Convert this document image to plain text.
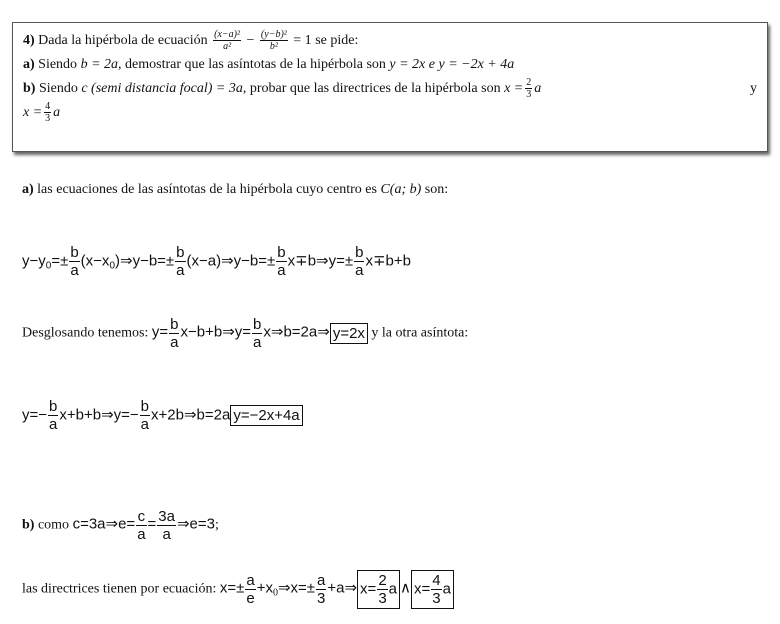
4) Dada la hipérbola de ecuación $\frac{\text{(x−a)²}}{\text{a²}} - \frac{\text{(y−b)²}}{\text{b²}} = 1$ se pide:
a) Siendo b = 2a, demostrar que las asíntotas de la hipérbola son y = 2x e y = −2x + 4a
b) Siendo c (semi distancia focal) = 3a, probar que las directrices de la hipérbola son $x = \frac{2}{3}$ a	y
$x = \frac{4}{3}$ a
a) las ecuaciones de las asíntotas de la hipérbola cuyo centro es C(a; b) son:
$y-y_0=\pm \frac{b}{a}$ $(x-x_0)\Rightarrow y-b=\pm \frac{b}{a}$ (x−a)⇒y−b=± $\frac{b}{a}$ x∓b⇒y=± $\frac{b}{a} x\mp b+b$
Desglosando tenemos: $y= \frac{b}{a}$ x−b+b⇒y= $\frac{b}{a}$ x⇒b=2a⇒ y=2x y la otra asíntota:
$y=- \frac{b}{a}$ x+b+b⇒y=− $\frac{b}{a}$ x+2b⇒b=2a y=−2x+4a
b) como c=3a⇒e= $\frac{c}{a} = \frac{3a}{a}$ ⇒e=3;
las directrices tienen por ecuación: $x=\pm \frac{a}{e}$ $+x_0\Rightarrow x=\pm \frac{a}{3}$ +a⇒ $x= \frac{2}{3}$ a ∧ $x= \frac{4}{3}$ a
